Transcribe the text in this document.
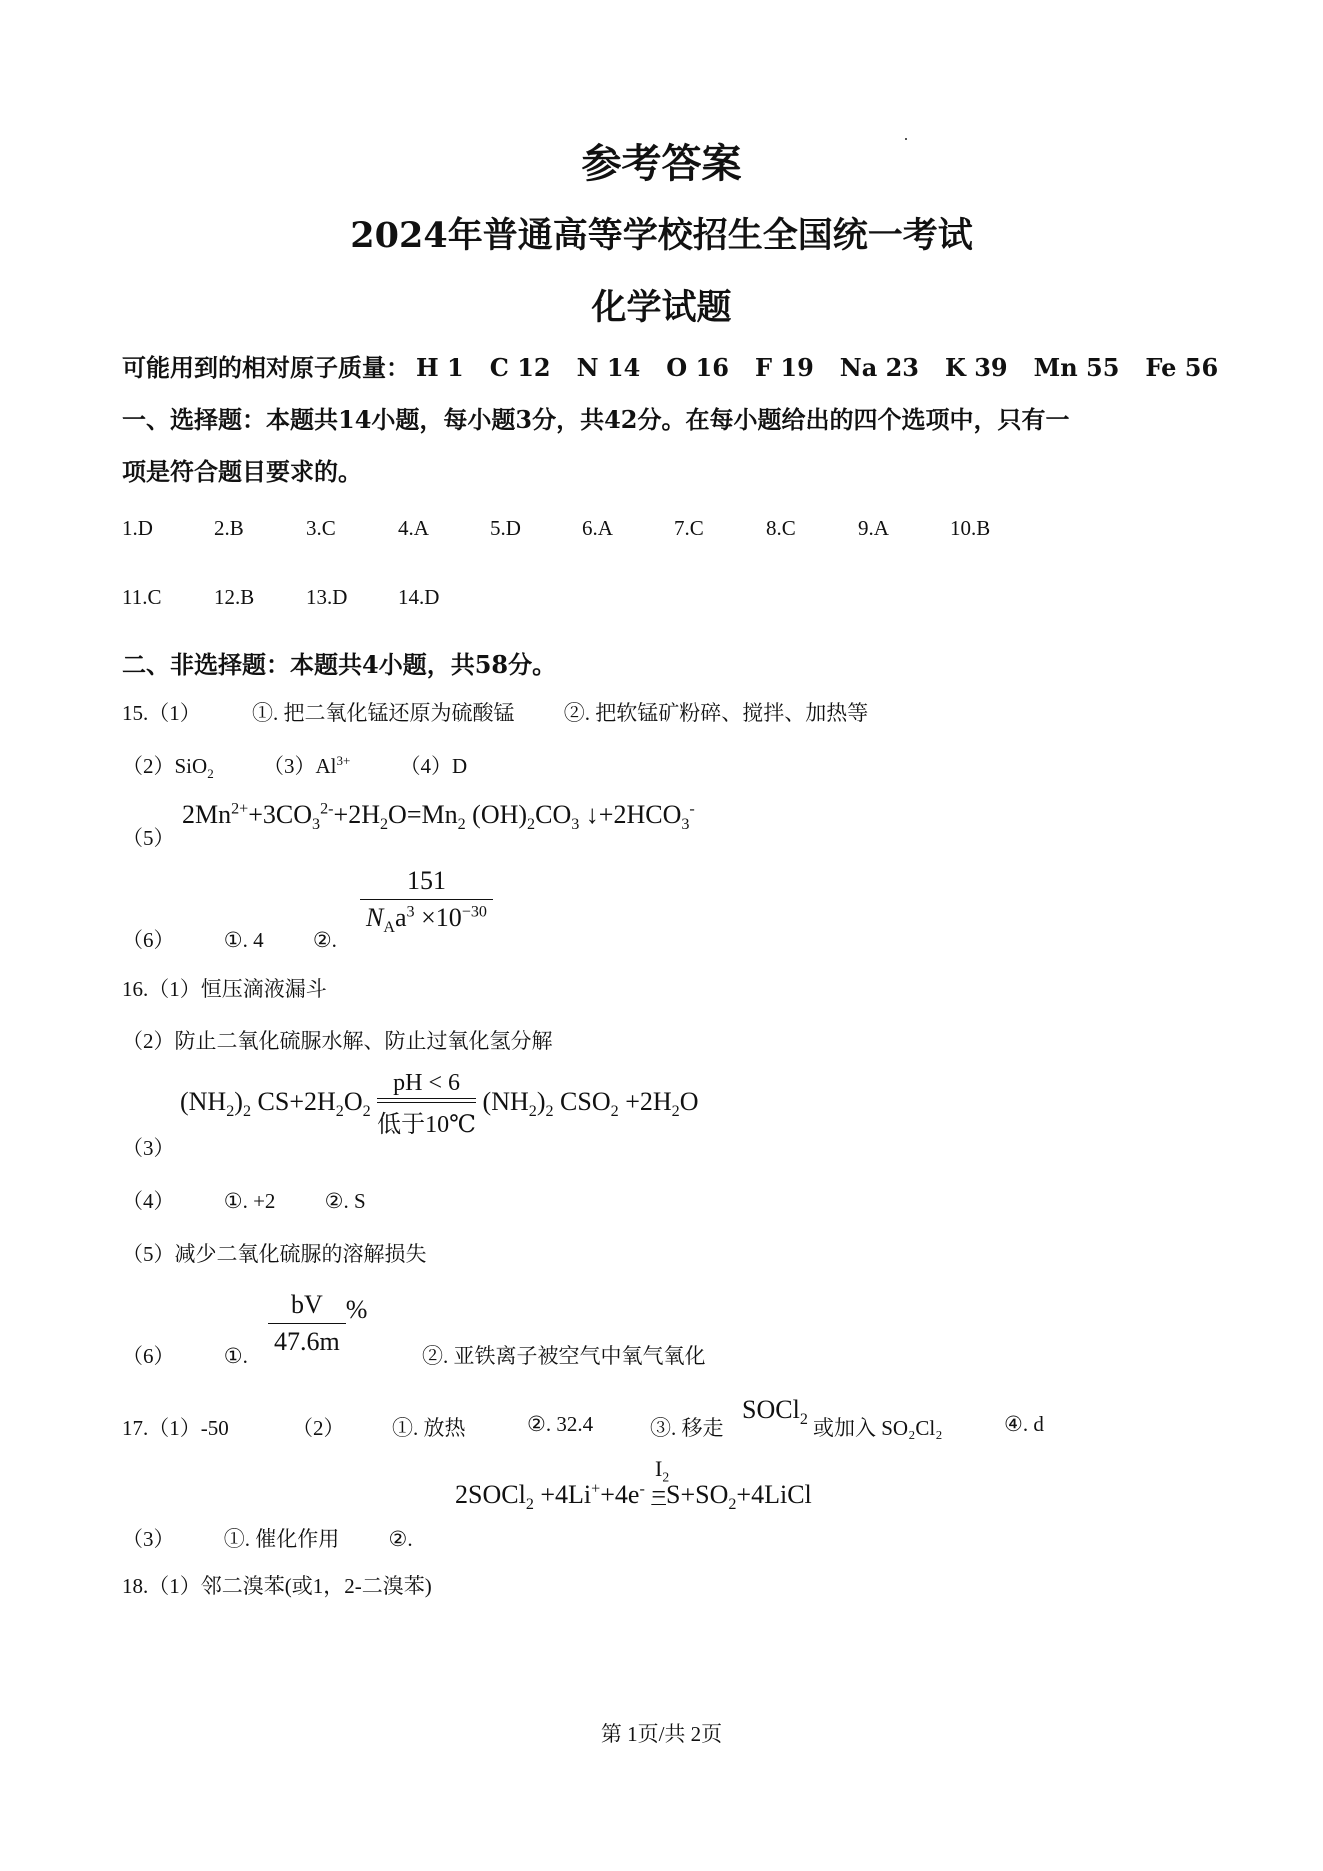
参考答案
2024年普通高等学校招生全国统一考试
化学试题
可能用到的相对原子质量： H 1 C 12 N 14 O 16 F 19 Na 23 K 39 Mn 55 Fe 56
一、选择题：本题共14小题，每小题3分，共42分。在每小题给出的四个选项中，只有一
项是符合题目要求的。
1.D	2.B	3.C	4.A	5.D	6.A	7.C	8.C	9.A	10.B
11.C	12.B 13.D 14.D
二、非选择题：本题共4小题，共58分。
15.（1） ①. 把二氧化锰还原为硫酸锰 ②. 把软锰矿粉碎、搅拌、加热等
（2）SiO$_2$ $(3)Al^{3+}$ （4）D
（5）
$2Mn^{2+}+3CO_3^{2-}+2H_2O=Mn_2$ $(OH)_2CO_3$ $↓+2HCO_3^-$
（6） ①. 4 ②.
$\frac{151}{N_Aa^3 \times 10^{-30}}$
16.（1）恒压滴液漏斗
（2）防止二氧化硫脲水解、防止过氧化氢分解
（3）
$(NH_2)_2$ $CS+2H_2O_2$
pH < 6
低于10℃
$(NH_2)_2$ $CSO_2 +2H_2O$
（4） ①. +2 ②. S
（5）减少二氧化硫脲的溶解损失
（6） ①. $\frac{bV}{47.6m}$ %
②. 亚铁离子被空气中氧气氧化
17.（1）-50	（2） ①. 放热	②. 32.4	③. 移走
SOCl$_2$ 或加入 SO₂Cl₂	④. d
$I_2$
2SOCl$_2$ $+4Li^++4e^- =S+SO_2+4LiCl$
（3） ①. 催化作用 ②.
18.（1）邻二溴苯(或1，2-二溴苯)
第 1页/共 2页
